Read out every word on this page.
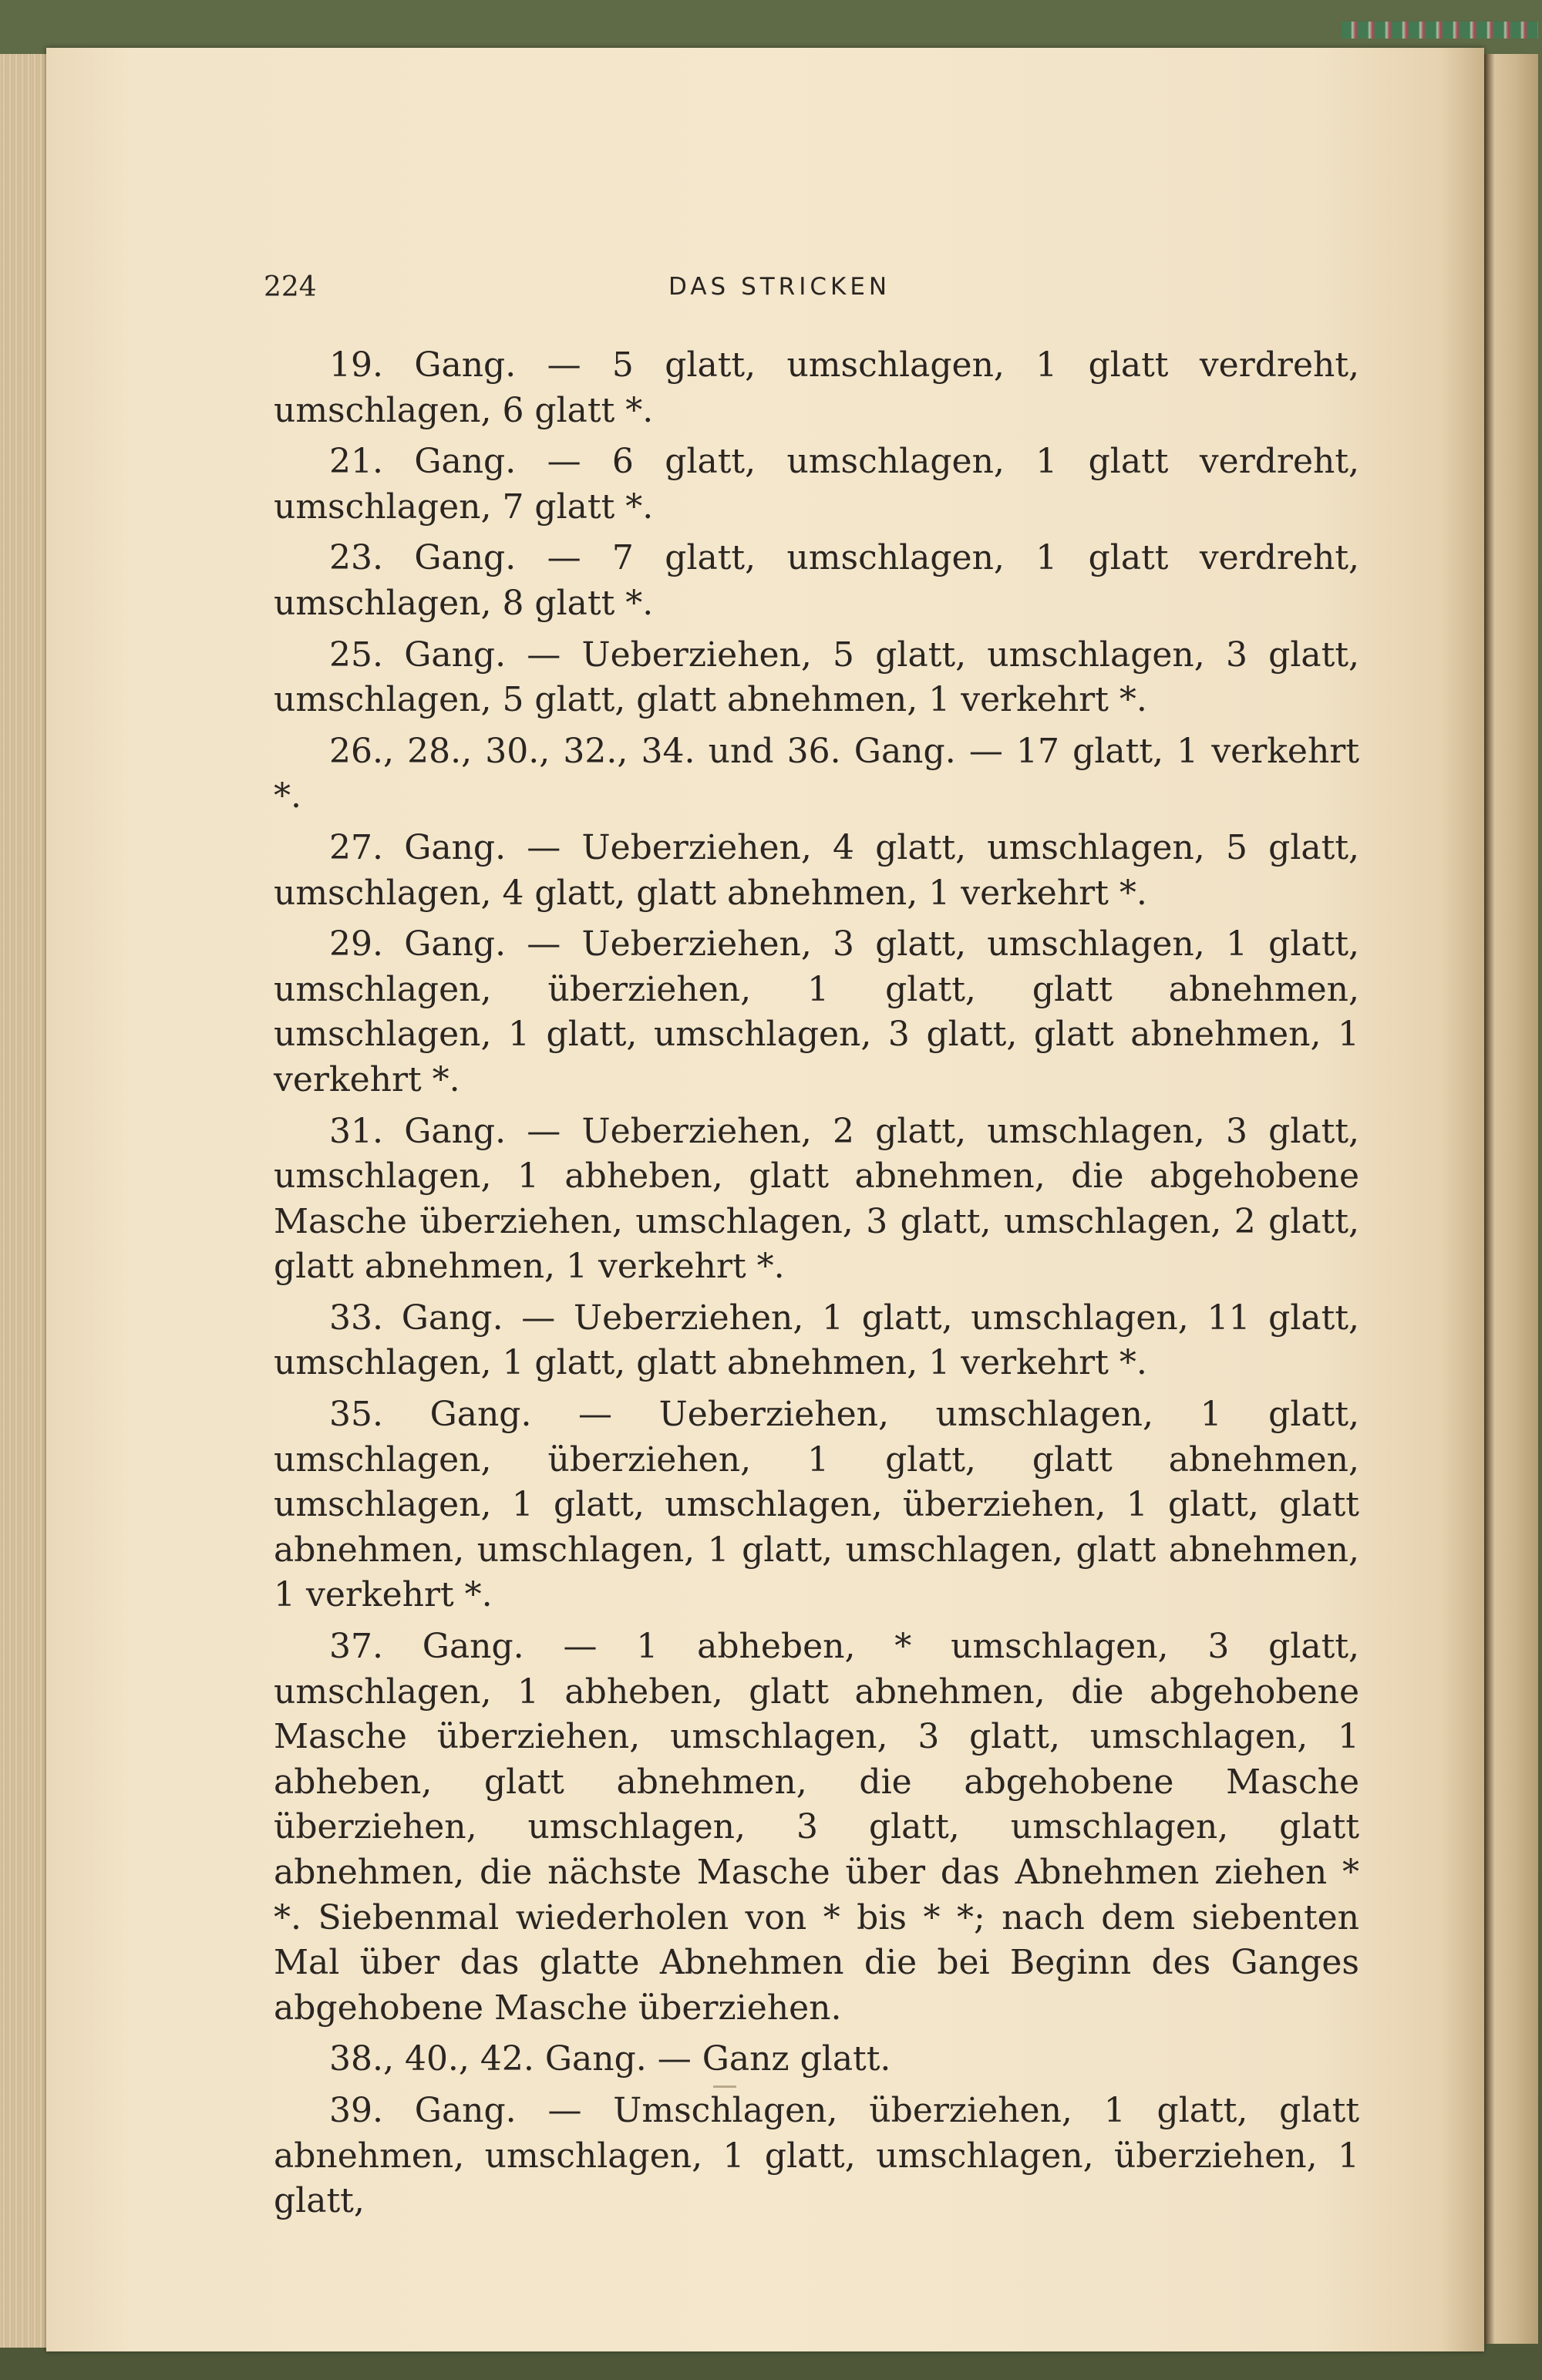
224	DAS STRICKEN

19. Gang. — 5 glatt, umschlagen, 1 glatt verdreht, umschlagen, 6 glatt *.

21. Gang. — 6 glatt, umschlagen, 1 glatt verdreht, umschlagen, 7 glatt *.

23. Gang. — 7 glatt, umschlagen, 1 glatt verdreht, umschlagen, 8 glatt *.

25. Gang. — Ueberziehen, 5 glatt, umschlagen, 3 glatt, umschlagen, 5 glatt, glatt abnehmen, 1 verkehrt *.

26., 28., 30., 32., 34. und 36. Gang. — 17 glatt, 1 verkehrt *.

27. Gang. — Ueberziehen, 4 glatt, umschlagen, 5 glatt, umschlagen, 4 glatt, glatt abnehmen, 1 verkehrt *.

29. Gang. — Ueberziehen, 3 glatt, umschlagen, 1 glatt, umschlagen, überziehen, 1 glatt, glatt abnehmen, umschlagen, 1 glatt, umschlagen, 3 glatt, glatt abnehmen, 1 verkehrt *.

31. Gang. — Ueberziehen, 2 glatt, umschlagen, 3 glatt, umschlagen, 1 abheben, glatt abnehmen, die abgehobene Masche überziehen, umschlagen, 3 glatt, umschlagen, 2 glatt, glatt abnehmen, 1 verkehrt *.

33. Gang. — Ueberziehen, 1 glatt, umschlagen, 11 glatt, umschlagen, 1 glatt, glatt abnehmen, 1 verkehrt *.

35. Gang. — Ueberziehen, umschlagen, 1 glatt, umschlagen, überziehen, 1 glatt, glatt abnehmen, umschlagen, 1 glatt, umschlagen, überziehen, 1 glatt, glatt abnehmen, umschlagen, 1 glatt, umschlagen, glatt abnehmen, 1 verkehrt *.

37. Gang. — 1 abheben, * umschlagen, 3 glatt, umschlagen, 1 abheben, glatt abnehmen, die abgehobene Masche überziehen, umschlagen, 3 glatt, umschlagen, 1 abheben, glatt abnehmen, die abgehobene Masche überziehen, umschlagen, 3 glatt, umschlagen, glatt abnehmen, die nächste Masche über das Abnehmen ziehen * *. Siebenmal wiederholen von * bis * *; nach dem siebenten Mal über das glatte Abnehmen die bei Beginn des Ganges abgehobene Masche überziehen.

38., 40., 42. Gang. — Ganz glatt.

39. Gang. — Umschlagen, überziehen, 1 glatt, glatt abnehmen, umschlagen, 1 glatt, umschlagen, überziehen, 1 glatt,
